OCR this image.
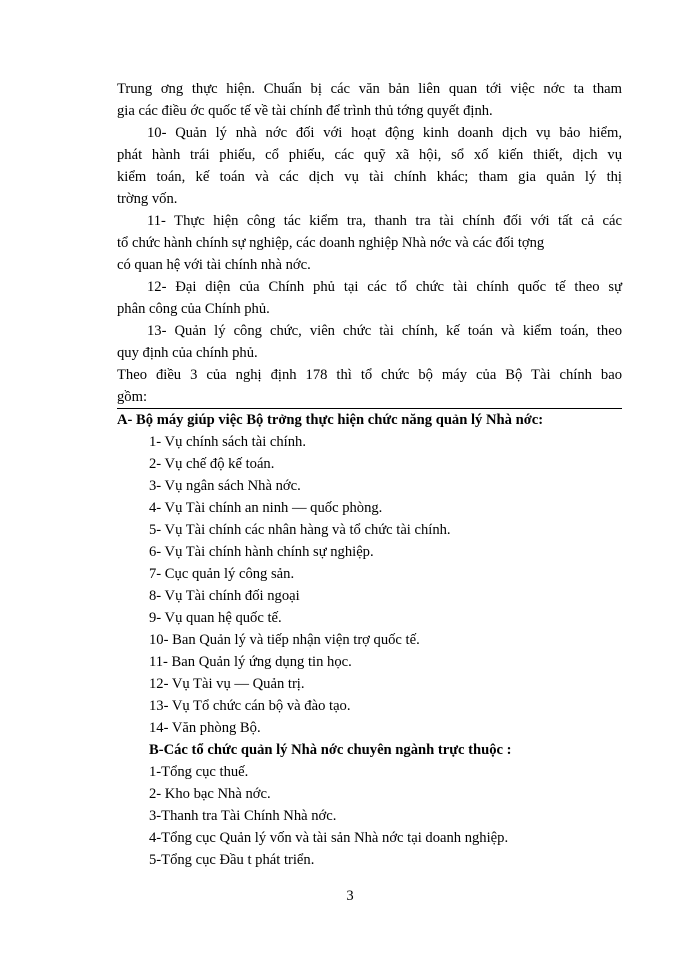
Trung ơng thực hiện. Chuẩn bị các văn bản liên quan tới việc nớc ta tham
gia các điều ớc quốc tế về tài chính để trình thủ tớng quyết định.
10- Quản lý nhà nớc đối với hoạt động kinh doanh dịch vụ bảo hiểm,
phát hành trái phiếu, cổ phiếu, các quỹ xã hội, sổ xố kiến thiết, dịch vụ
kiểm toán, kế toán và các dịch vụ tài chính khác; tham gia quản lý thị
trờng vốn.
11- Thực hiện công tác kiểm tra, thanh tra tài chính đối với tất cả các
tổ chức hành chính sự nghiệp, các doanh nghiệp Nhà nớc và các đối tợng
có quan hệ với tài chính nhà nớc.
12- Đại diện của Chính phủ tại các tổ chức tài chính quốc tế theo sự
phân công của Chính phủ.
13- Quản lý công chức, viên chức tài chính, kế toán và kiểm toán, theo
quy định của chính phủ.
Theo điều 3 của nghị định 178 thì tổ chức bộ máy của Bộ Tài chính bao
gồm:
A- Bộ máy giúp việc Bộ trởng thực hiện chức năng quản lý Nhà nớc:
1- Vụ chính sách tài chính.
2- Vụ chế độ kế toán.
3- Vụ ngân sách Nhà nớc.
4- Vụ Tài chính an ninh — quốc phòng.
5- Vụ Tài chính các nhân hàng và tổ chức tài chính.
6- Vụ Tài chính hành chính sự nghiệp.
7- Cục quản lý công sản.
8- Vụ Tài chính đối ngoại
9- Vụ quan hệ quốc tế.
10- Ban Quản lý và tiếp nhận viện trợ quốc tế.
11- Ban Quản lý ứng dụng tin học.
12- Vụ Tài vụ — Quản trị.
13- Vụ Tổ chức cán bộ và đào tạo.
14- Văn phòng Bộ.
B-Các tổ chức quản lý Nhà nớc chuyên ngành trực thuộc :
1-Tổng cục thuế.
2- Kho bạc Nhà nớc.
3-Thanh tra Tài Chính Nhà nớc.
4-Tổng cục Quản lý vốn và tài sản Nhà nớc tại doanh nghiệp.
5-Tổng cục Đầu t phát triển.
3
